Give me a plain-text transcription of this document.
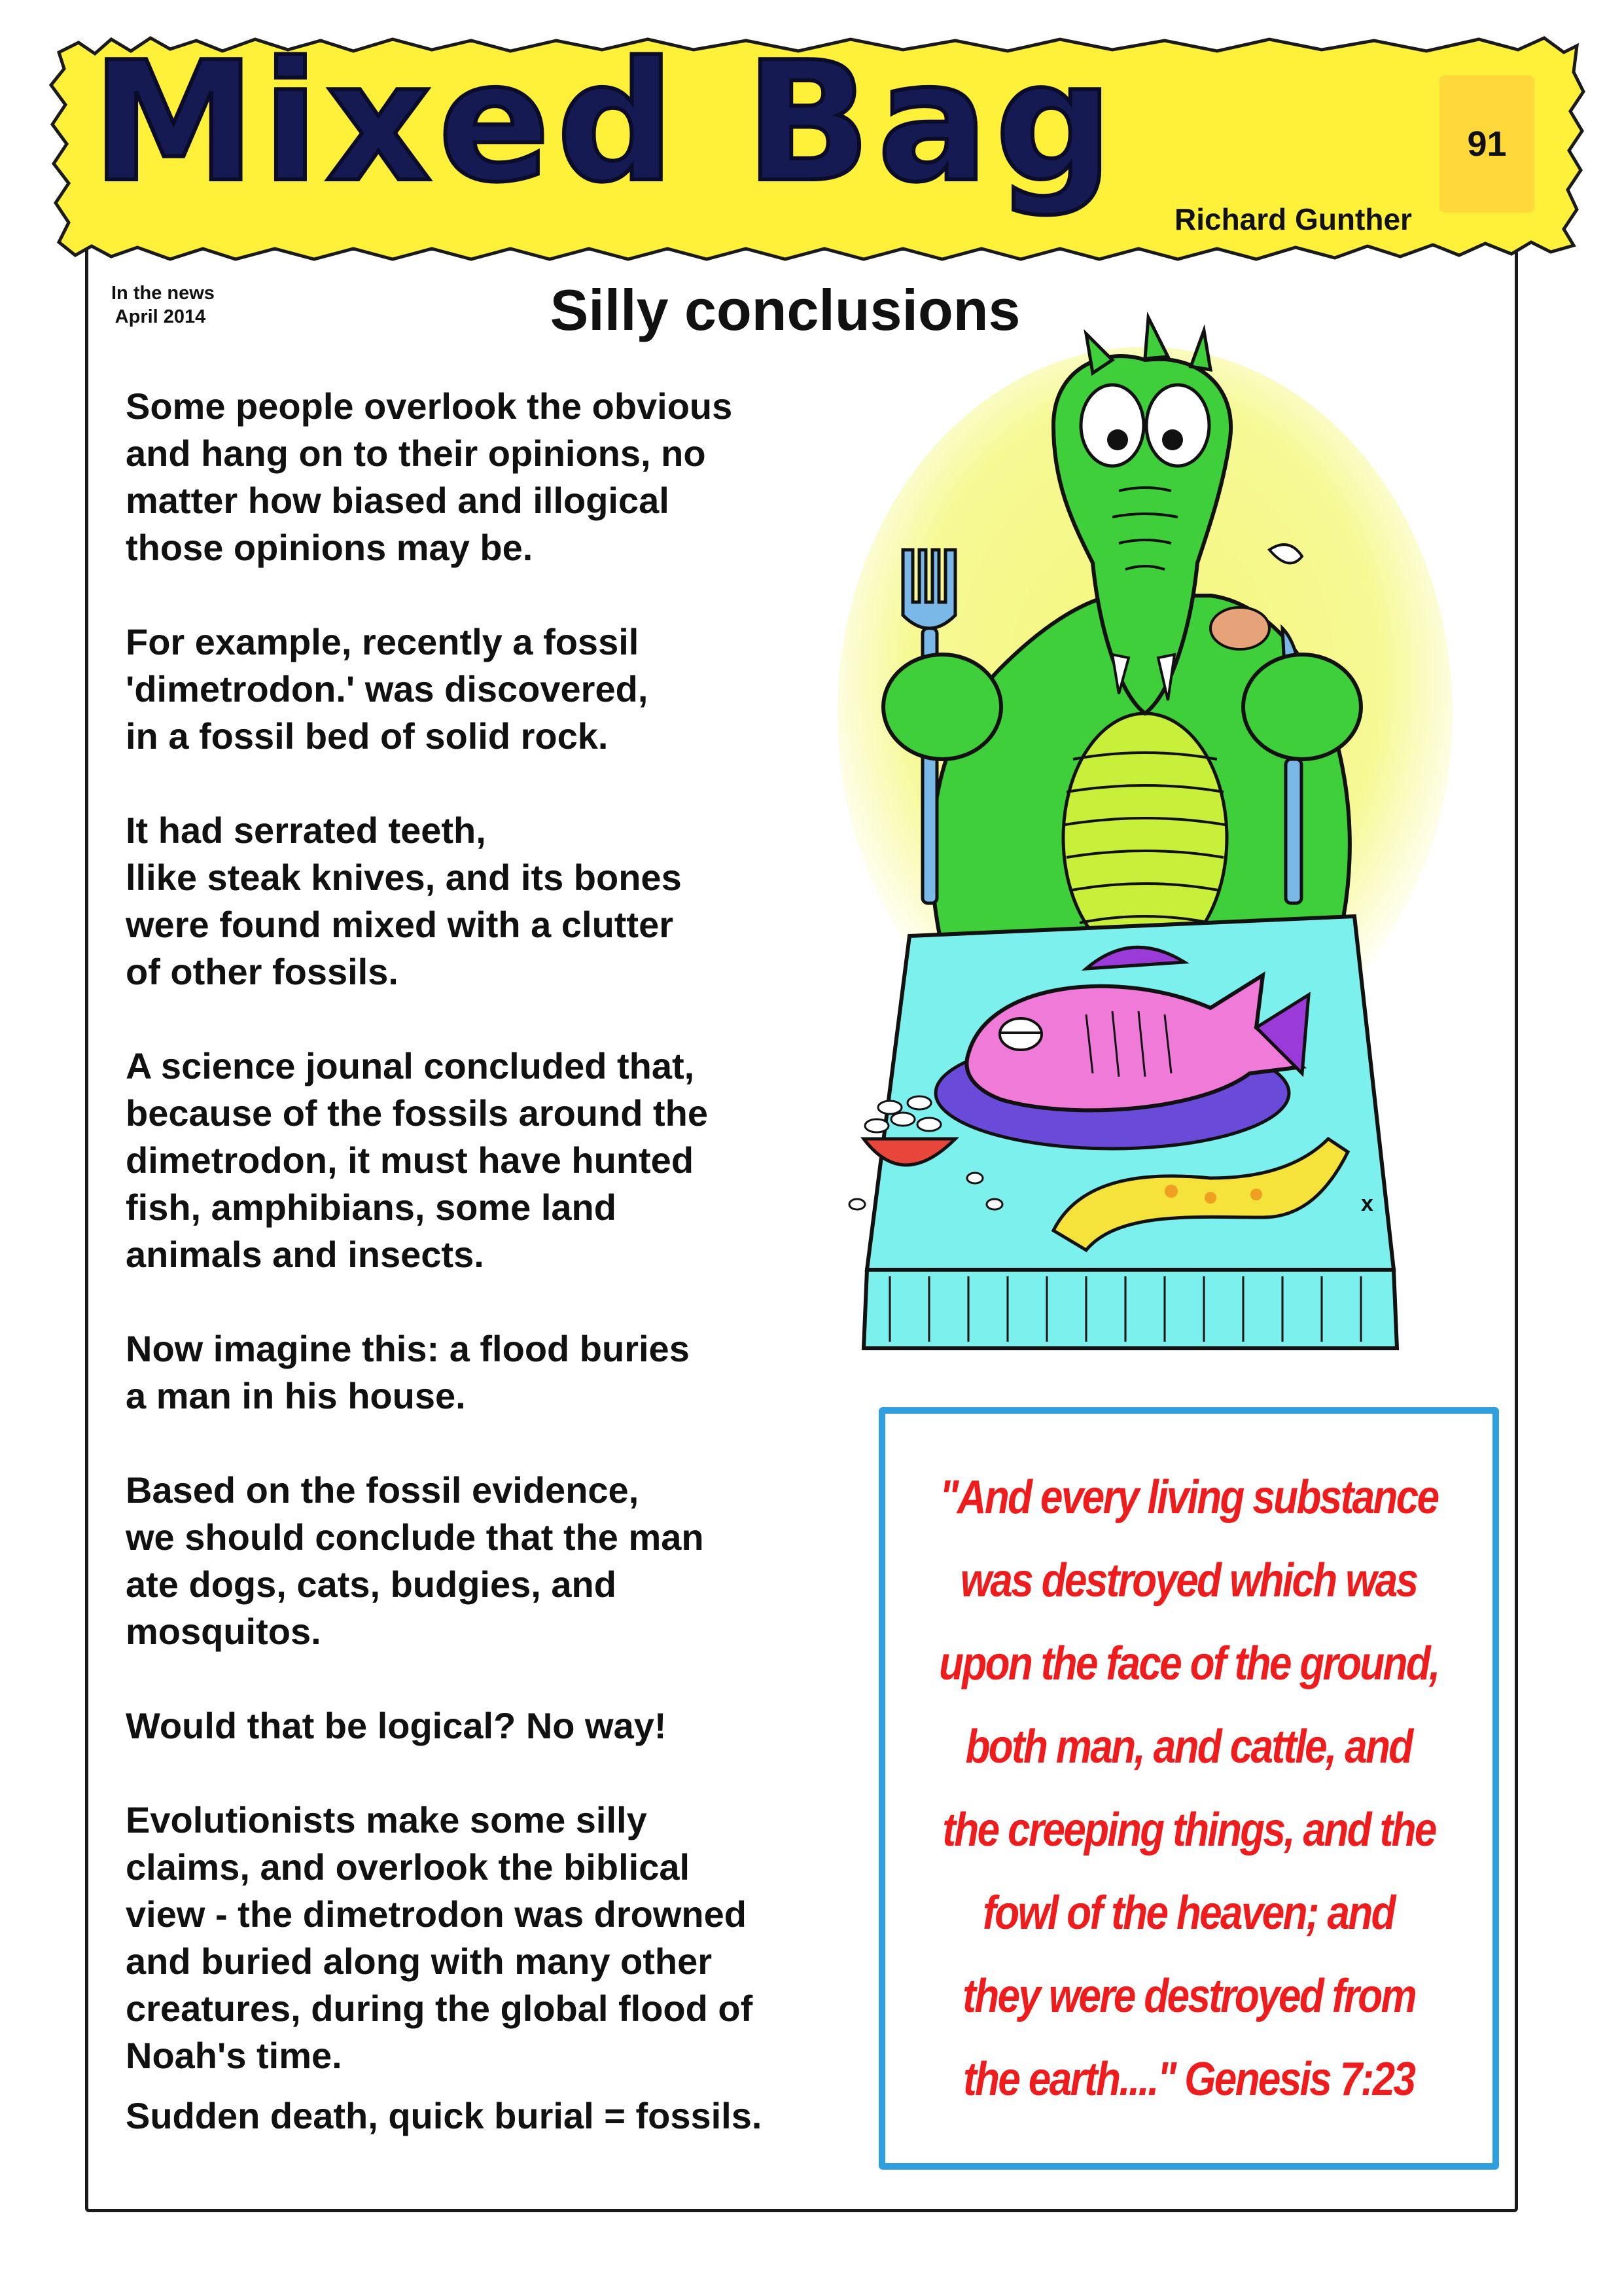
Mixed Bag	91
Richard Gunther
In the news
April 2014	Silly conclusions

Some people overlook the obvious
and hang on to their opinions, no
matter how biased and illogical
those opinions may be.

For example, recently a fossil
'dimetrodon.' was discovered,
in a fossil bed of solid rock.

It had serrated teeth,
llike steak knives, and its bones
were found mixed with a clutter
of other fossils.

A science jounal concluded that,
because of the fossils around the
dimetrodon, it must have hunted
fish, amphibians, some land
animals and insects.

Now imagine this: a flood buries
a man in his house.

Based on the fossil evidence,
we should conclude that the man
ate dogs, cats, budgies, and
mosquitos.

Would that be logical? No way!

Evolutionists make some silly
claims, and overlook the biblical
view - the dimetrodon was drowned
and buried along with many other
creatures, during the global flood of
Noah's time.

Sudden death, quick burial = fossils.

x
"And every living substance
was destroyed which was
upon the face of the ground,
both man, and cattle, and
the creeping things, and the
fowl of the heaven; and
they were destroyed from
the earth...." Genesis 7:23
